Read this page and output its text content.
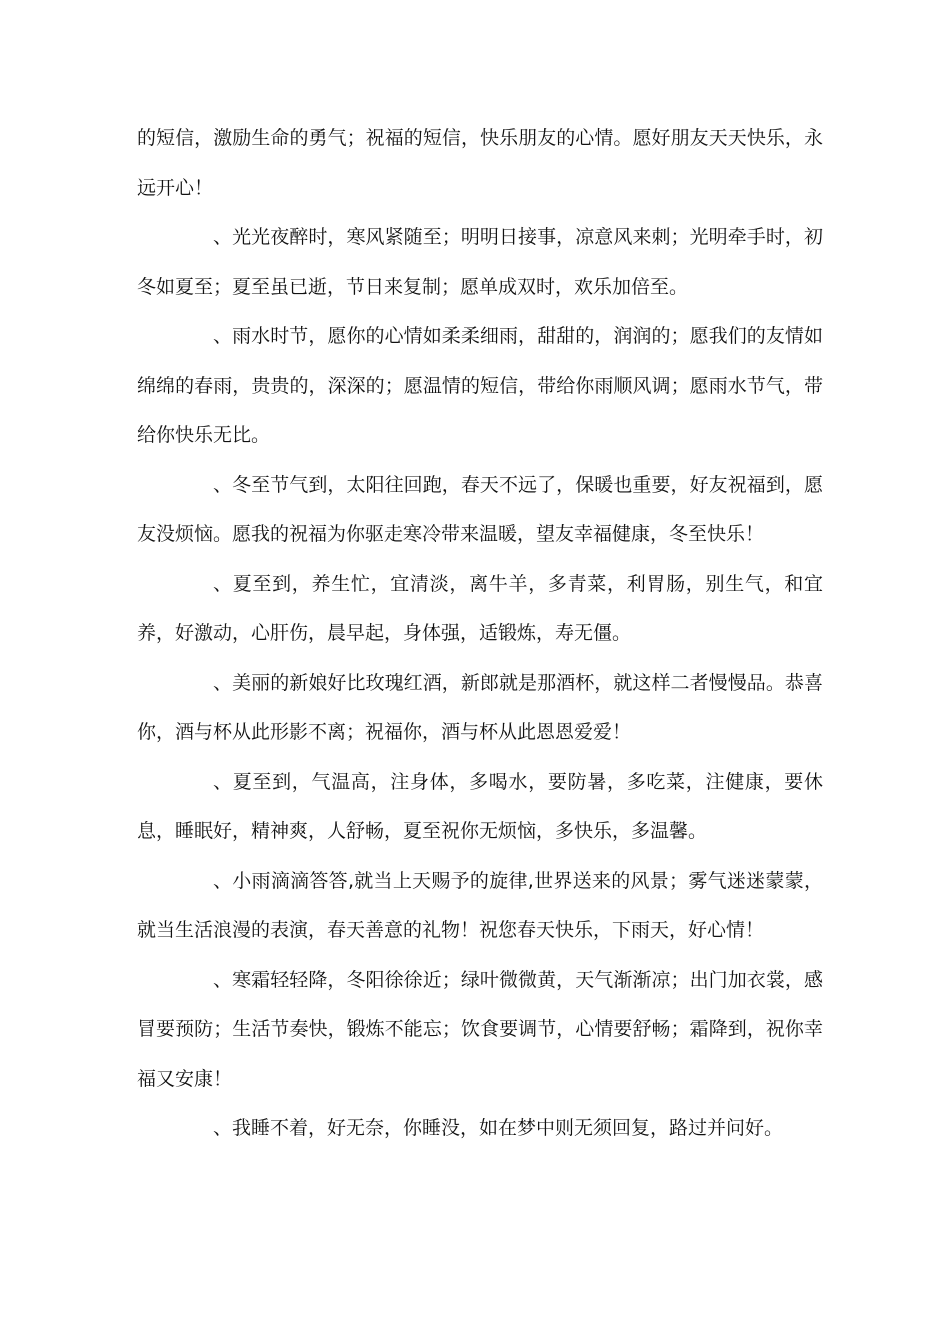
的短信，激励生命的勇气；祝福的短信，快乐朋友的心情。愿好朋友天天快乐，永远开心！

、光光夜醉时，寒风紧随至；明明日接事，凉意风来刺；光明牵手时，初冬如夏至；夏至虽已逝，节日来复制；愿单成双时，欢乐加倍至。

、雨水时节，愿你的心情如柔柔细雨，甜甜的，润润的；愿我们的友情如绵绵的春雨，贵贵的，深深的；愿温情的短信，带给你雨顺风调；愿雨水节气，带给你快乐无比。

、冬至节气到，太阳往回跑，春天不远了，保暖也重要，好友祝福到，愿友没烦恼。愿我的祝福为你驱走寒冷带来温暖，望友幸福健康，冬至快乐！

、夏至到，养生忙，宜清淡，离牛羊，多青菜，利胃肠，别生气，和宜养，好激动，心肝伤，晨早起，身体强，适锻炼，寿无僵。

、美丽的新娘好比玫瑰红酒，新郎就是那酒杯，就这样二者慢慢品。恭喜你，酒与杯从此形影不离；祝福你，酒与杯从此恩恩爱爱！

、夏至到，气温高，注身体，多喝水，要防暑，多吃菜，注健康，要休息，睡眠好，精神爽，人舒畅，夏至祝你无烦恼，多快乐，多温馨。

、小雨滴滴答答,就当上天赐予的旋律,世界送来的风景；雾气迷迷蒙蒙，就当生活浪漫的表演，春天善意的礼物！祝您春天快乐，下雨天，好心情！

、寒霜轻轻降，冬阳徐徐近；绿叶微微黄，天气渐渐凉；出门加衣裳，感冒要预防；生活节奏快，锻炼不能忘；饮食要调节，心情要舒畅；霜降到，祝你幸福又安康！

、我睡不着，好无奈，你睡没，如在梦中则无须回复，路过并问好。
